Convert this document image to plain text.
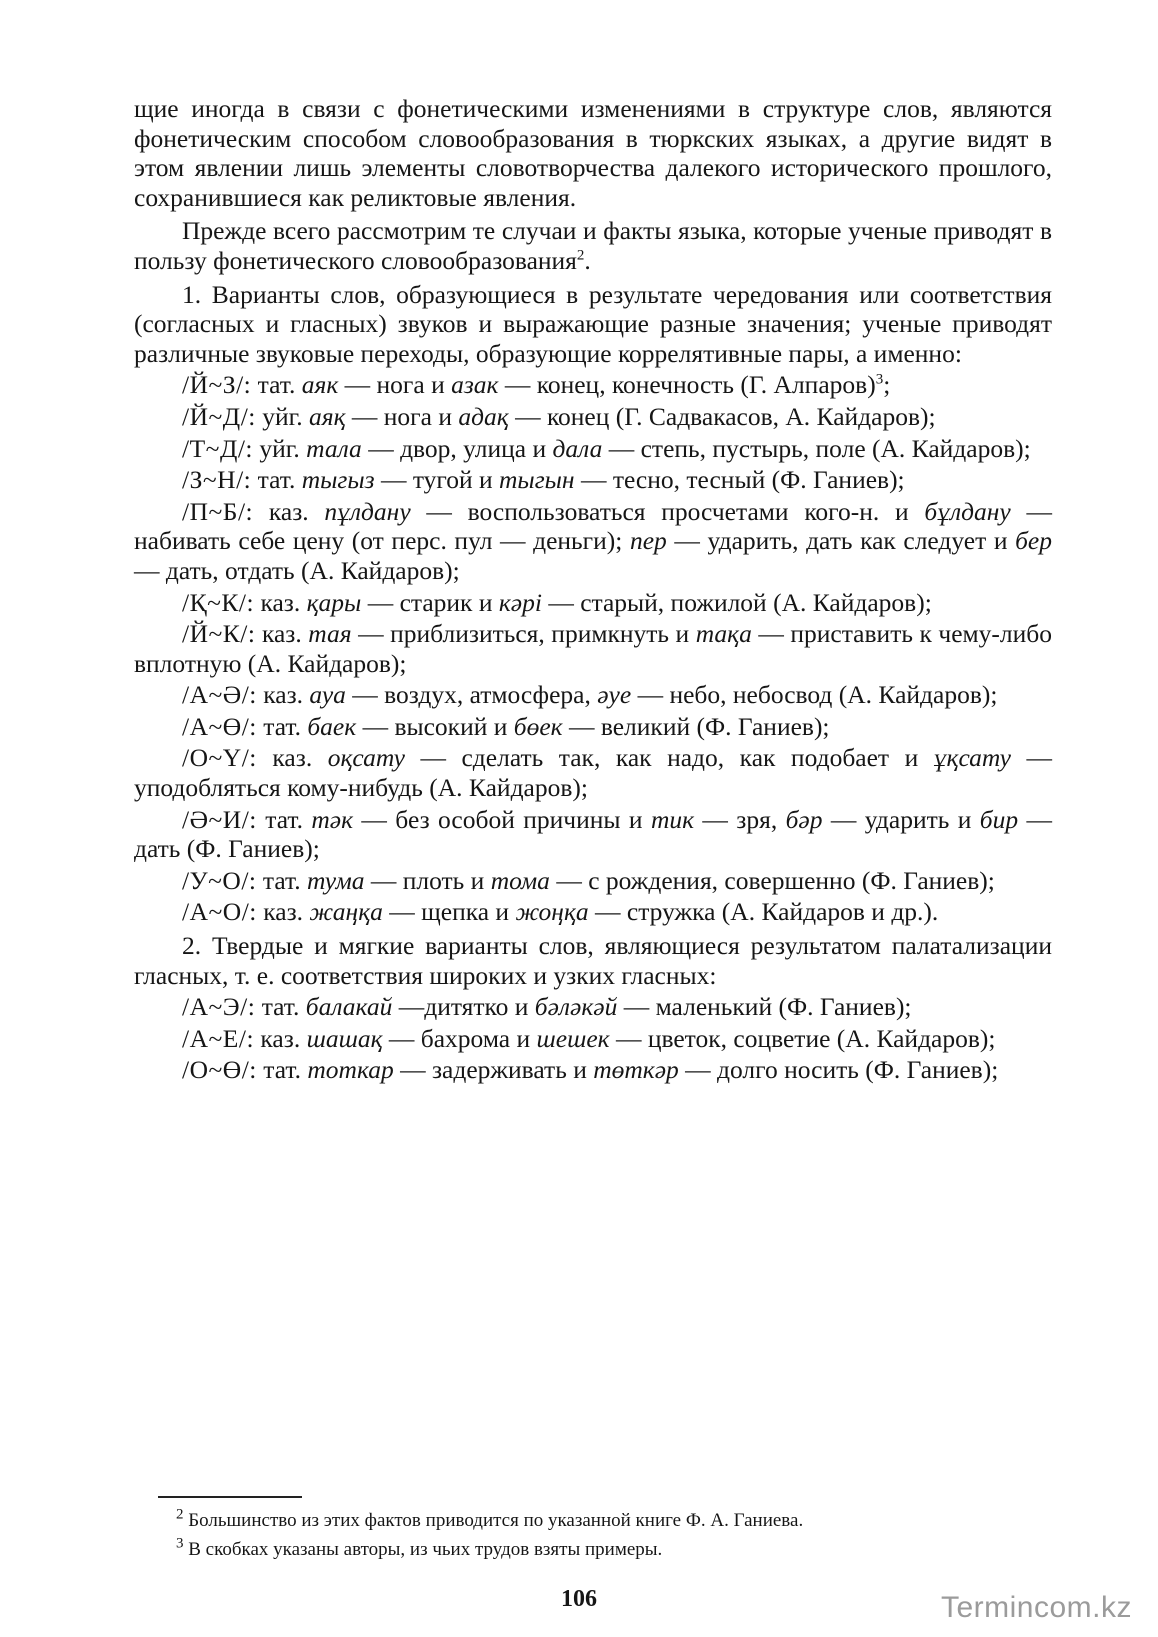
щие иногда в связи с фонетическими изменениями в структуре слов, являются фонетическим способом словообразования в тюркских языках, а другие видят в этом явлении лишь элементы словотворчества далекого исторического прошлого, сохранившиеся как реликтовые явления.

Прежде всего рассмотрим те случаи и факты языка, которые ученые приводят в пользу фонетического словообразования$^2$.

1. Варианты слов, образующиеся в результате чередования или соответствия (согласных и гласных) звуков и выражающие разные значения; ученые приводят различные звуковые переходы, образующие коррелятивные пары, а именно:

/Й~З/: тат. аяк — нога и азак — конец, конечность (Г. Алпаров)$^3$;

/Й~Д/: уйг. аяқ — нога и адақ — конец (Г. Садвакасов, А. Кайдаров);

/Т~Д/: уйг. тала — двор, улица и дала — степь, пустырь, поле (А. Кайдаров);

/З~Н/: тат. тыгыз — тугой и тыгын — тесно, тесный (Ф. Ганиев);

/П~Б/: каз. пұлдану — воспользоваться просчетами кого-н. и бұлдану — набивать себе цену (от перс. пул — деньги); пер — ударить, дать как следует и бер — дать, отдать (А. Кайдаров);

/Қ~К/: каз. қары — старик и кәрі — старый, пожилой (А. Кайдаров);

/Й~К/: каз. тая — приблизиться, примкнуть и тақа — приставить к чему-либо вплотную (А. Кайдаров);

/А~Ә/: каз. ауа — воздух, атмосфера, әуе — небо, небосвод (А. Кайдаров);

/А~Ө/: тат. баек — высокий и бөек — великий (Ф. Ганиев);

/О~Ү/: каз. оқсату — сделать так, как надо, как подобает и ұқсату — уподобляться кому-нибудь (А. Кайдаров);

/Ә~И/: тат. тәк — без особой причины и тик — зря, бәр — ударить и бир — дать (Ф. Ганиев);

/У~О/: тат. тума — плоть и тома — с рождения, совершенно (Ф. Ганиев);

/А~О/: каз. жаңқа — щепка и жоңқа — стружка (А. Кайдаров и др.).

2. Твердые и мягкие варианты слов, являющиеся результатом палатализации гласных, т. е. соответствия широких и узких гласных:

/А~Э/: тат. балакай —дитятко и бәләкәй — маленький (Ф. Ганиев);

/А~Е/: каз. шашақ — бахрома и шешек — цветок, соцветие (А. Кайдаров);

/О~Ө/: тат. тоткар — задерживать и төткәр — долго носить (Ф. Ганиев);

$^2$ Большинство из этих фактов приводится по указанной книге Ф. А. Ганиева.

$^3$ В скобках указаны авторы, из чьих трудов взяты примеры.

106	Termincom.kz
